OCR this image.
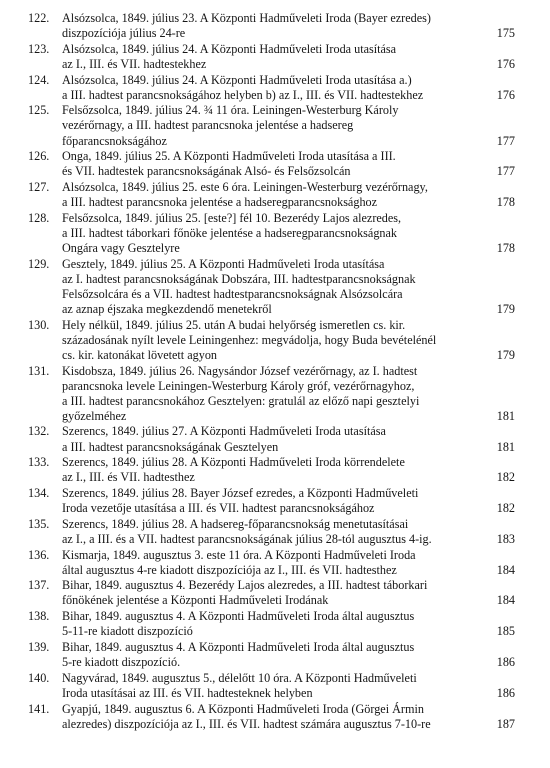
122.	Alsózsolca, 1849. július 23. A Központi Hadműveleti Iroda (Bayer ezredes)
diszpozíciója július 24-re	175
123.	Alsózsolca, 1849. július 24. A Központi Hadműveleti Iroda utasítása
az I., III. és VII. hadtestekhez	176
124.	Alsózsolca, 1849. július 24. A Központi Hadműveleti Iroda utasítása a.)
a III. hadtest parancsnokságához helyben b) az I., III. és VII. hadtestekhez	176
125.	Felsőzsolca, 1849. július 24. ¾ 11 óra. Leiningen-Westerburg Károly
vezérőrnagy, a III. hadtest parancsnoka jelentése a hadsereg
főparancsnokságához	177
126.	Onga, 1849. július 25. A Központi Hadműveleti Iroda utasítása a III.
és VII. hadtestek parancsnokságának Alsó- és Felsőzsolcán	177
127.	Alsózsolca, 1849. július 25. este 6 óra. Leiningen-Westerburg vezérőrnagy,
a III. hadtest parancsnoka jelentése a hadseregparancsnoksághoz	178
128.	Felsőzsolca, 1849. július 25. [este?] fél 10. Bezerédy Lajos alezredes,
a III. hadtest táborkari főnöke jelentése a hadseregparancsnokságnak
Ongára vagy Gesztelyre	178
129.	Gesztely, 1849. július 25. A Központi Hadműveleti Iroda utasítása
az I. hadtest parancsnokságának Dobszára, III. hadtestparancsnokságnak
Felsőzsolcára és a VII. hadtest hadtestparancsnokságnak Alsózsolcára
az aznap éjszaka megkezdendő menetekről	179
130.	Hely nélkül, 1849. július 25. után A budai helyőrség ismeretlen cs. kir.
századosának nyílt levele Leiningenhez: megvádolja, hogy Buda bevételénél
cs. kir. katonákat lövetett agyon	179
131.	Kisdobsza, 1849. július 26. Nagysándor József vezérőrnagy, az I. hadtest
parancsnoka levele Leiningen-Westerburg Károly gróf, vezérőrnagyhoz,
a III. hadtest parancsnokához Gesztelyen: gratulál az előző napi gesztelyi
győzelméhez	181
132.	Szerencs, 1849. július 27. A Központi Hadműveleti Iroda utasítása
a III. hadtest parancsnokságának Gesztelyen	181
133.	Szerencs, 1849. július 28. A Központi Hadműveleti Iroda körrendelete
az I., III. és VII. hadtesthez	182
134.	Szerencs, 1849. július 28. Bayer József ezredes, a Központi Hadműveleti
Iroda vezetője utasítása a III. és VII. hadtest parancsnokságához	182
135.	Szerencs, 1849. július 28. A hadsereg-főparancsnokság menetutasításai
az I., a III. és a VII. hadtest parancsnokságának július 28-tól augusztus 4-ig.	183
136.	Kismarja, 1849. augusztus 3. este 11 óra. A Központi Hadműveleti Iroda
által augusztus 4-re kiadott diszpozíciója az I., III. és VII. hadtesthez	184
137.	Bihar, 1849. augusztus 4. Bezerédy Lajos alezredes, a III. hadtest táborkari
főnökének jelentése a Központi Hadműveleti Irodának	184
138.	Bihar, 1849. augusztus 4. A Központi Hadműveleti Iroda által augusztus
5-11-re kiadott diszpozíció	185
139.	Bihar, 1849. augusztus 4. A Központi Hadműveleti Iroda által augusztus
5-re kiadott diszpozíció.	186
140.	Nagyvárad, 1849. augusztus 5., délelőtt 10 óra. A Központi Hadműveleti
Iroda utasításai az III. és VII. hadtesteknek helyben	186
141.	Gyapjú, 1849. augusztus 6. A Központi Hadműveleti Iroda (Görgei Ármin
alezredes) diszpozíciója az I., III. és VII. hadtest számára augusztus 7-10-re	187
